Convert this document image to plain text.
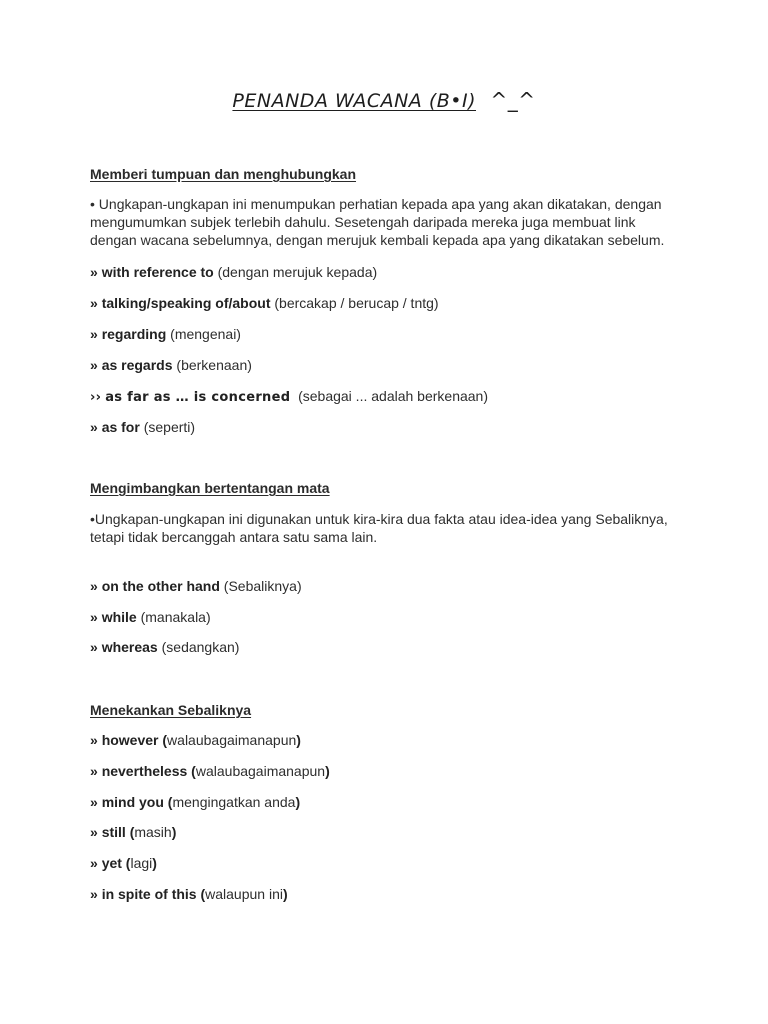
PENANDA WACANA (B•I) ^_^
Memberi tumpuan dan menghubungkan
• Ungkapan-ungkapan ini menumpukan perhatian kepada apa yang akan dikatakan, dengan mengumumkan subjek terlebih dahulu. Sesetengah daripada mereka juga membuat link dengan wacana sebelumnya, dengan merujuk kembali kepada apa yang dikatakan sebelum.
» with reference to (dengan merujuk kepada)
» talking/speaking of/about (bercakap / berucap / tntg)
» regarding (mengenai)
» as regards (berkenaan)
›› as far as … is concerned (sebagai ... adalah berkenaan)
» as for (seperti)
Mengimbangkan bertentangan mata
•Ungkapan-ungkapan ini digunakan untuk kira-kira dua fakta atau idea-idea yang Sebaliknya, tetapi tidak bercanggah antara satu sama lain.
» on the other hand (Sebaliknya)
» while (manakala)
» whereas (sedangkan)
Menekankan Sebaliknya
» however (walaubagaimanapun)
» nevertheless (walaubagaimanapun)
» mind you (mengingatkan anda)
» still (masih)
» yet (lagi)
» in spite of this (walaupun ini)
